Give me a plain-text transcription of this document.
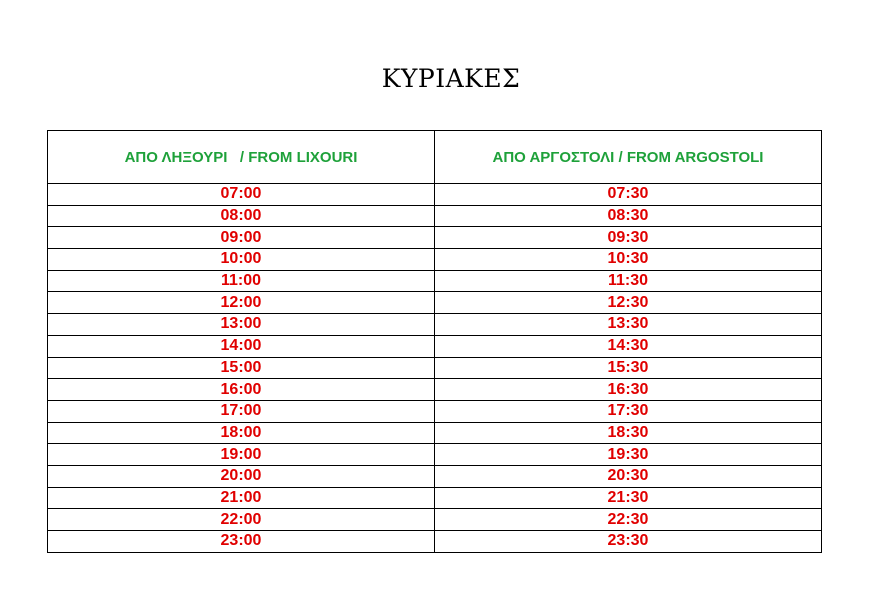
ΚΥΡΙΑΚΕΣ
ΑΠΟ ΛΗΞΟΥΡΙ   / FROM LIXOURI	ΑΠΟ ΑΡΓΟΣΤΟΛΙ / FROM ARGOSTOLI
07:00	07:30
08:00	08:30
09:00	09:30
10:00	10:30
11:00	11:30
12:00	12:30
13:00	13:30
14:00	14:30
15:00	15:30
16:00	16:30
17:00	17:30
18:00	18:30
19:00	19:30
20:00	20:30
21:00	21:30
22:00	22:30
23:00	23:30
